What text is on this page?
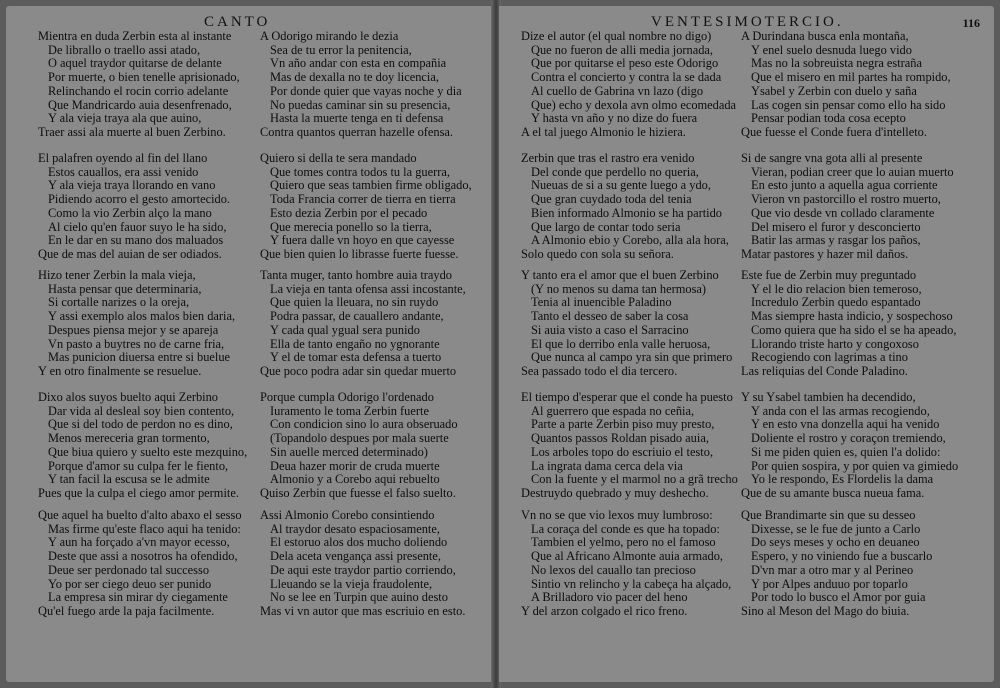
CANTO
Mientra en duda Zerbin esta al instante
De librallo o traello assi atado,
O aquel traydor quitarse de delante
Por muerte, o bien tenelle aprisionado,
Relinchando el rocin corrio adelante
Que Mandricardo auia desenfrenado,
Y ala vieja traya ala que auino,
Traer assi ala muerte al buen Zerbino.
El palafren oyendo al fin del llano
Estos cauallos, era assi venido
Y ala vieja traya llorando en vano
Pidiendo acorro el gesto amortecido.
Como la vio Zerbin alço la mano
Al cielo qu'en fauor suyo le ha sido,
En le dar en su mano dos maluados
Que de mas del auian de ser odiados.
Hizo tener Zerbin la mala vieja,
Hasta pensar que determinaria,
Si cortalle narizes o la oreja,
Y assi exemplo alos malos bien daria,
Despues piensa mejor y se apareja
Vn pasto a buytres no de carne fria,
Mas punicion diuersa entre si buelue
Y en otro finalmente se resuelue.
Dixo alos suyos buelto aqui Zerbino
Dar vida al desleal soy bien contento,
Que si del todo de perdon no es dino,
Menos mereceria gran tormento,
Que biua quiero y suelto este mezquino,
Porque d'amor su culpa fer le fiento,
Y tan facil la escusa se le admite
Pues que la culpa el ciego amor permite.
Que aquel ha buelto d'alto abaxo el sesso
Mas firme qu'este flaco aqui ha tenido:
Y aun ha forçado a'vn mayor ecesso,
Deste que assi a nosotros ha ofendido,
Deue ser perdonado tal successo
Yo por ser ciego deuo ser punido
La empresa sin mirar dy ciegamente
Qu'el fuego arde la paja facilmente.
A Odorigo mirando le dezia
Sea de tu error la penitencia,
Vn año andar con esta en compañia
Mas de dexalla no te doy licencia,
Por donde quier que vayas noche y dia
No puedas caminar sin su presencia,
Hasta la muerte tenga en ti defensa
Contra quantos querran hazelle ofensa.
Quiero si della te sera mandado
Que tomes contra todos tu la guerra,
Quiero que seas tambien firme obligado,
Toda Francia correr de tierra en tierra
Esto dezia Zerbin por el pecado
Que merecia ponello so la tierra,
Y fuera dalle vn hoyo en que cayesse
Que bien quien lo librasse fuerte fuesse.
Tanta muger, tanto hombre auia traydo
La vieja en tanta ofensa assi incostante,
Que quien la lleuara, no sin ruydo
Podra passar, de cauallero andante,
Y cada qual ygual sera punido
Ella de tanto engaño no ygnorante
Y el de tomar esta defensa a tuerto
Que poco podra adar sin quedar muerto
Porque cumpla Odorigo l'ordenado
Iuramento le toma Zerbin fuerte
Con condicion sino lo aura obseruado
(Topandolo despues por mala suerte
Sin auelle merced determinado)
Deua hazer morir de cruda muerte
Almonio y a Corebo aqui rebuelto
Quiso Zerbin que fuesse el falso suelto.
Assi Almonio Corebo consintiendo
Al traydor desato espaciosamente,
El estoruo alos dos mucho doliendo
Dela aceta vengança assi presente,
De aqui este traydor partio corriendo,
Lleuando se la vieja fraudolente,
No se lee en Turpin que auino desto
Mas vi vn autor que mas escriuio en esto.
VENTESIMOTERCIO.	116
Dize el autor (el qual nombre no digo)
Que no fueron de alli media jornada,
Que por quitarse el peso este Odorigo
Contra el concierto y contra la se dada
Al cuello de Gabrina vn lazo (digo
Que) echo y dexola avn olmo ecomedada
Y hasta vn año y no dize do fuera
A el tal juego Almonio le hiziera.
Zerbin que tras el rastro era venido
Del conde que perdello no queria,
Nueuas de si a su gente luego a ydo,
Que gran cuydado toda del tenia
Bien informado Almonio se ha partido
Que largo de contar todo seria
A Almonio ebio y Corebo, alla ala hora,
Solo quedo con sola su señora.
Y tanto era el amor que el buen Zerbino
(Y no menos su dama tan hermosa)
Tenia al inuencible Paladino
Tanto el desseo de saber la cosa
Si auia visto a caso el Sarracino
El que lo derribo enla valle heruosa,
Que nunca al campo yra sin que primero
Sea passado todo el dia tercero.
El tiempo d'esperar que el conde ha puesto
Al guerrero que espada no ceñia,
Parte a parte Zerbin piso muy presto,
Quantos passos Roldan pisado auia,
Los arboles topo do escriuio el testo,
La ingrata dama cerca dela via
Con la fuente y el marmol no a grã trecho
Destruydo quebrado y muy deshecho.
Vn no se que vio lexos muy lumbroso:
La coraça del conde es que ha topado:
Tambien el yelmo, pero no el famoso
Que al Africano Almonte auia armado,
No lexos del cauallo tan precioso
Sintio vn relincho y la cabeça ha alçado,
A Brilladoro vio pacer del heno
Y del arzon colgado el rico freno.
A Durindana busca enla montaña,
Y enel suelo desnuda luego vido
Mas no la sobreuista negra estraña
Que el misero en mil partes ha rompido,
Ysabel y Zerbin con duelo y saña
Las cogen sin pensar como ello ha sido
Pensar podian toda cosa ecepto
Que fuesse el Conde fuera d'intelleto.
Si de sangre vna gota alli al presente
Vieran, podian creer que lo auian muerto
En esto junto a aquella agua corriente
Vieron vn pastorcillo el rostro muerto,
Que vio desde vn collado claramente
Del misero el furor y desconcierto
Batir las armas y rasgar los paños,
Matar pastores y hazer mil daños.
Este fue de Zerbin muy preguntado
Y el le dio relacion bien temeroso,
Incredulo Zerbin quedo espantado
Mas siempre hasta indicio, y sospechoso
Como quiera que ha sido el se ha apeado,
Llorando triste harto y congoxoso
Recogiendo con lagrimas a tino
Las reliquias del Conde Paladino.
Y su Ysabel tambien ha decendido,
Y anda con el las armas recogiendo,
Y en esto vna donzella aqui ha venido
Doliente el rostro y coraçon tremiendo,
Si me piden quien es, quien l'a dolido:
Por quien sospira, y por quien va gimiedo
Yo le respondo, Es Flordelis la dama
Que de su amante busca nueua fama.
Que Brandimarte sin que su desseo
Dixesse, se le fue de junto a Carlo
Do seys meses y ocho en deuaneo
Espero, y no viniendo fue a buscarlo
D'vn mar a otro mar y al Perineo
Y por Alpes anduuo por toparlo
Por todo lo busco el Amor por guia
Sino al Meson del Mago do biuia.
